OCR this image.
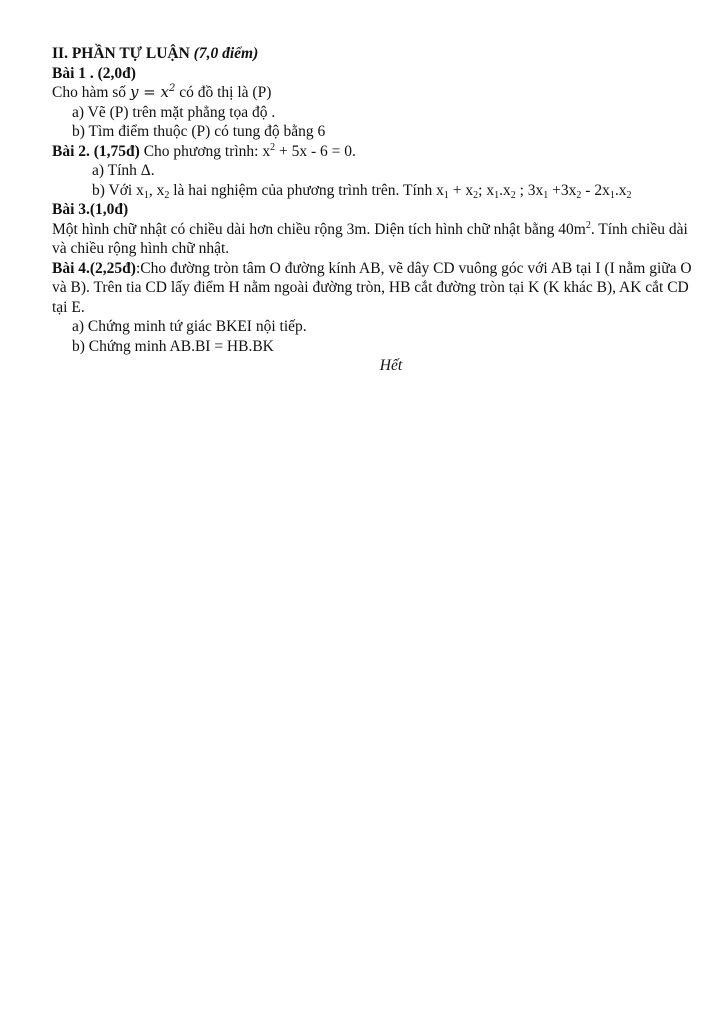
II. PHẦN TỰ LUẬN (7,0 điểm)
Bài 1 . (2,0đ)
Cho hàm số $y = x^2$ có đồ thị là (P)
a) Vẽ (P) trên mặt phẳng tọa độ .
b) Tìm điểm thuộc (P) có tung độ bằng 6
Bài 2. (1,75đ) Cho phương trình: $x^2 + 5x - 6 = 0$.
a) Tính Δ.
b) Với $x_1$, $x_2$ là hai nghiệm của phương trình trên. Tính $x_1 + x_2$; $x_1.x_2$ ; $3x_1 +3x_2 - 2x_1.x_2$
Bài 3.(1,0đ)
Một hình chữ nhật có chiều dài hơn chiều rộng 3m. Diện tích hình chữ nhật bằng $40m^2$. Tính chiều dài và chiều rộng hình chữ nhật.
Bài 4.(2,25đ):Cho đường tròn tâm O đường kính AB, vẽ dây CD vuông góc với AB tại I (I nằm giữa O và B). Trên tia CD lấy điểm H nằm ngoài đường tròn, HB cắt đường tròn tại K (K khác B), AK cắt CD tại E.
a) Chứng minh tứ giác BKEI nội tiếp.
b) Chứng minh AB.BI = HB.BK
Hết
